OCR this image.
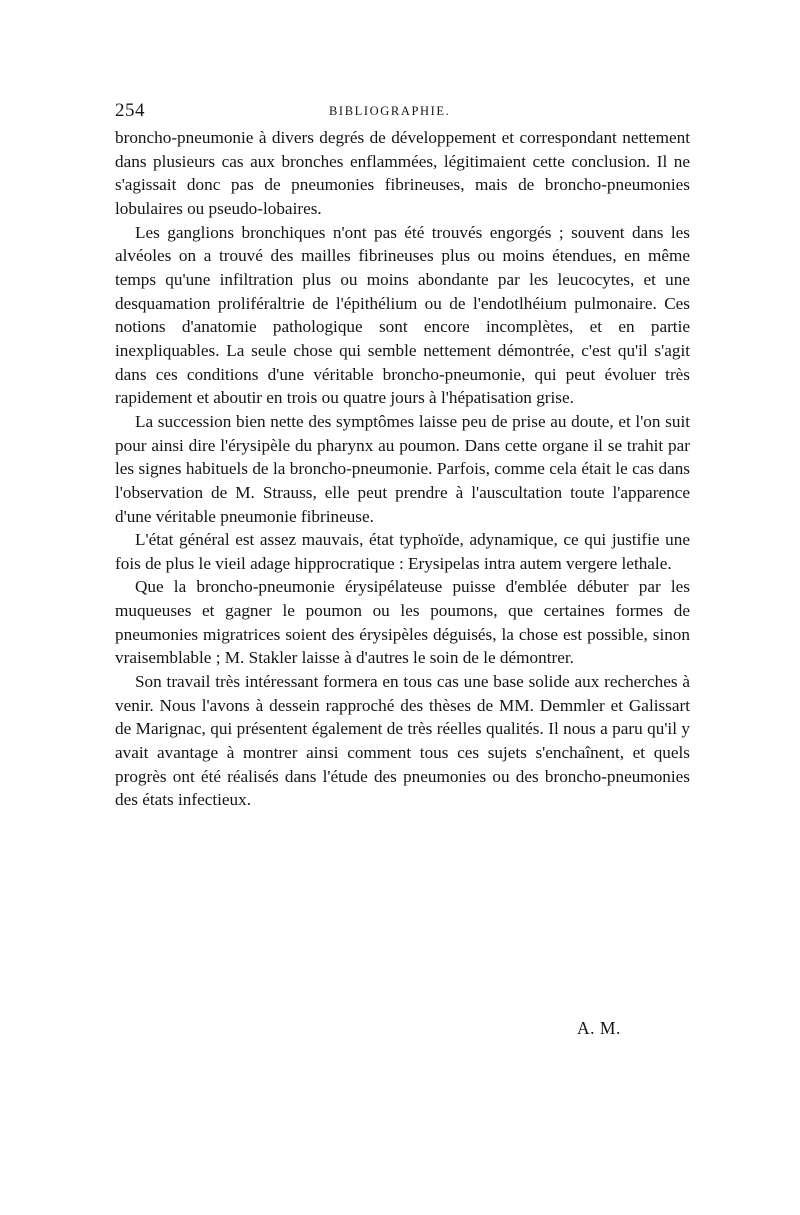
254	BIBLIOGRAPHIE.

broncho-pneumonie à divers degrés de développement et correspondant nettement dans plusieurs cas aux bronches enflammées, légitimaient cette conclusion. Il ne s'agissait donc pas de pneumonies fibrineuses, mais de broncho-pneumonies lobulaires ou pseudo-lobaires.

Les ganglions bronchiques n'ont pas été trouvés engorgés ; souvent dans les alvéoles on a trouvé des mailles fibrineuses plus ou moins étendues, en même temps qu'une infiltration plus ou moins abondante par les leucocytes, et une desquamation proliféraltrie de l'épithélium ou de l'endotlhéium pulmonaire. Ces notions d'anatomie pathologique sont encore incomplètes, et en partie inexpliquables. La seule chose qui semble nettement démontrée, c'est qu'il s'agit dans ces conditions d'une véritable broncho-pneumonie, qui peut évoluer très rapidement et aboutir en trois ou quatre jours à l'hépatisation grise.

La succession bien nette des symptômes laisse peu de prise au doute, et l'on suit pour ainsi dire l'érysipèle du pharynx au poumon. Dans cette organe il se trahit par les signes habituels de la broncho-pneumonie. Parfois, comme cela était le cas dans l'observation de M. Strauss, elle peut prendre à l'auscultation toute l'apparence d'une véritable pneumonie fibrineuse.

L'état général est assez mauvais, état typhoïde, adynamique, ce qui justifie une fois de plus le vieil adage hipprocratique : Erysipelas intra autem vergere lethale.

Que la broncho-pneumonie érysipélateuse puisse d'emblée débuter par les muqueuses et gagner le poumon ou les poumons, que certaines formes de pneumonies migratrices soient des érysipèles déguisés, la chose est possible, sinon vraisemblable ; M. Stakler laisse à d'autres le soin de le démontrer.

Son travail très intéressant formera en tous cas une base solide aux recherches à venir. Nous l'avons à dessein rapproché des thèses de MM. Demmler et Galissart de Marignac, qui présentent également de très réelles qualités. Il nous a paru qu'il y avait avantage à montrer ainsi comment tous ces sujets s'enchaînent, et quels progrès ont été réalisés dans l'étude des pneumonies ou des broncho-pneumonies des états infectieux.

A. M.
